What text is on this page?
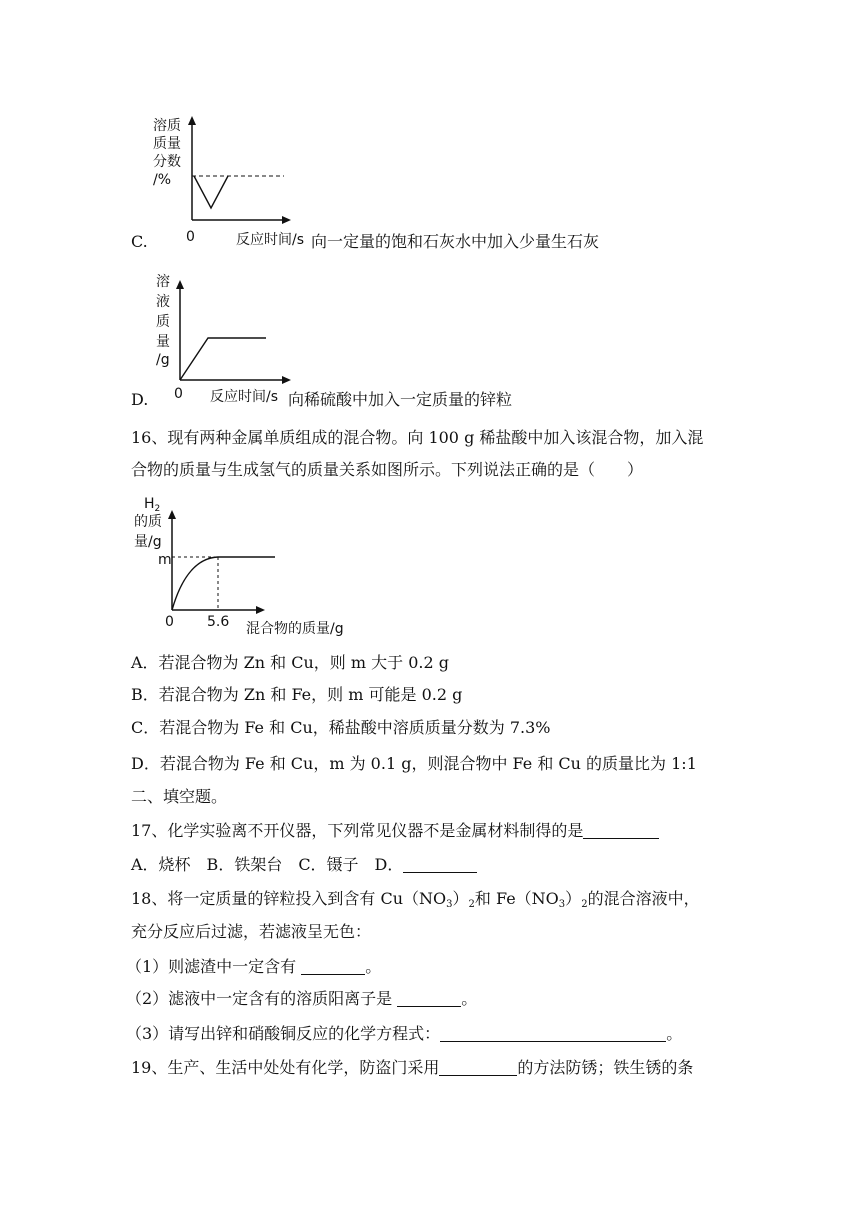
溶质
质量
分数
/%
0	反应时间/s
C.	向一定量的饱和石灰水中加入少量生石灰
溶
液
质
量
/g
0 反应时间/s
D.	向稀硫酸中加入一定质量的锌粒
16、现有两种金属单质组成的混合物。向 100 g 稀盐酸中加入该混合物，加入混
合物的质量与生成氢气的质量关系如图所示。下列说法正确的是（　　）
$H_2$
的质
量/g
m
0 5.6 混合物的质量/g
A．若混合物为 Zn 和 Cu，则 m 大于 0.2 g
B．若混合物为 Zn 和 Fe，则 m 可能是 0.2 g
C．若混合物为 Fe 和 Cu，稀盐酸中溶质质量分数为 7.3%
D．若混合物为 Fe 和 Cu，m 为 0.1 g，则混合物中 Fe 和 Cu 的质量比为 1:1
二、填空题。
17、化学实验离不开仪器，下列常见仪器不是金属材料制得的是
A．烧杯　B．铁架台　C．镊子　D．
18、将一定质量的锌粒投入到含有 $Cu(NO_3)_2$和 $Fe(NO_3)_2$的混合溶液中，
充分反应后过滤，若滤液呈无色：
（1）则滤渣中一定含有	。
（2）滤液中一定含有的溶质阳离子是	。
（3）请写出锌和硝酸铜反应的化学方程式：	。
19、生产、生活中处处有化学，防盗门采用	的方法防锈；铁生锈的条
